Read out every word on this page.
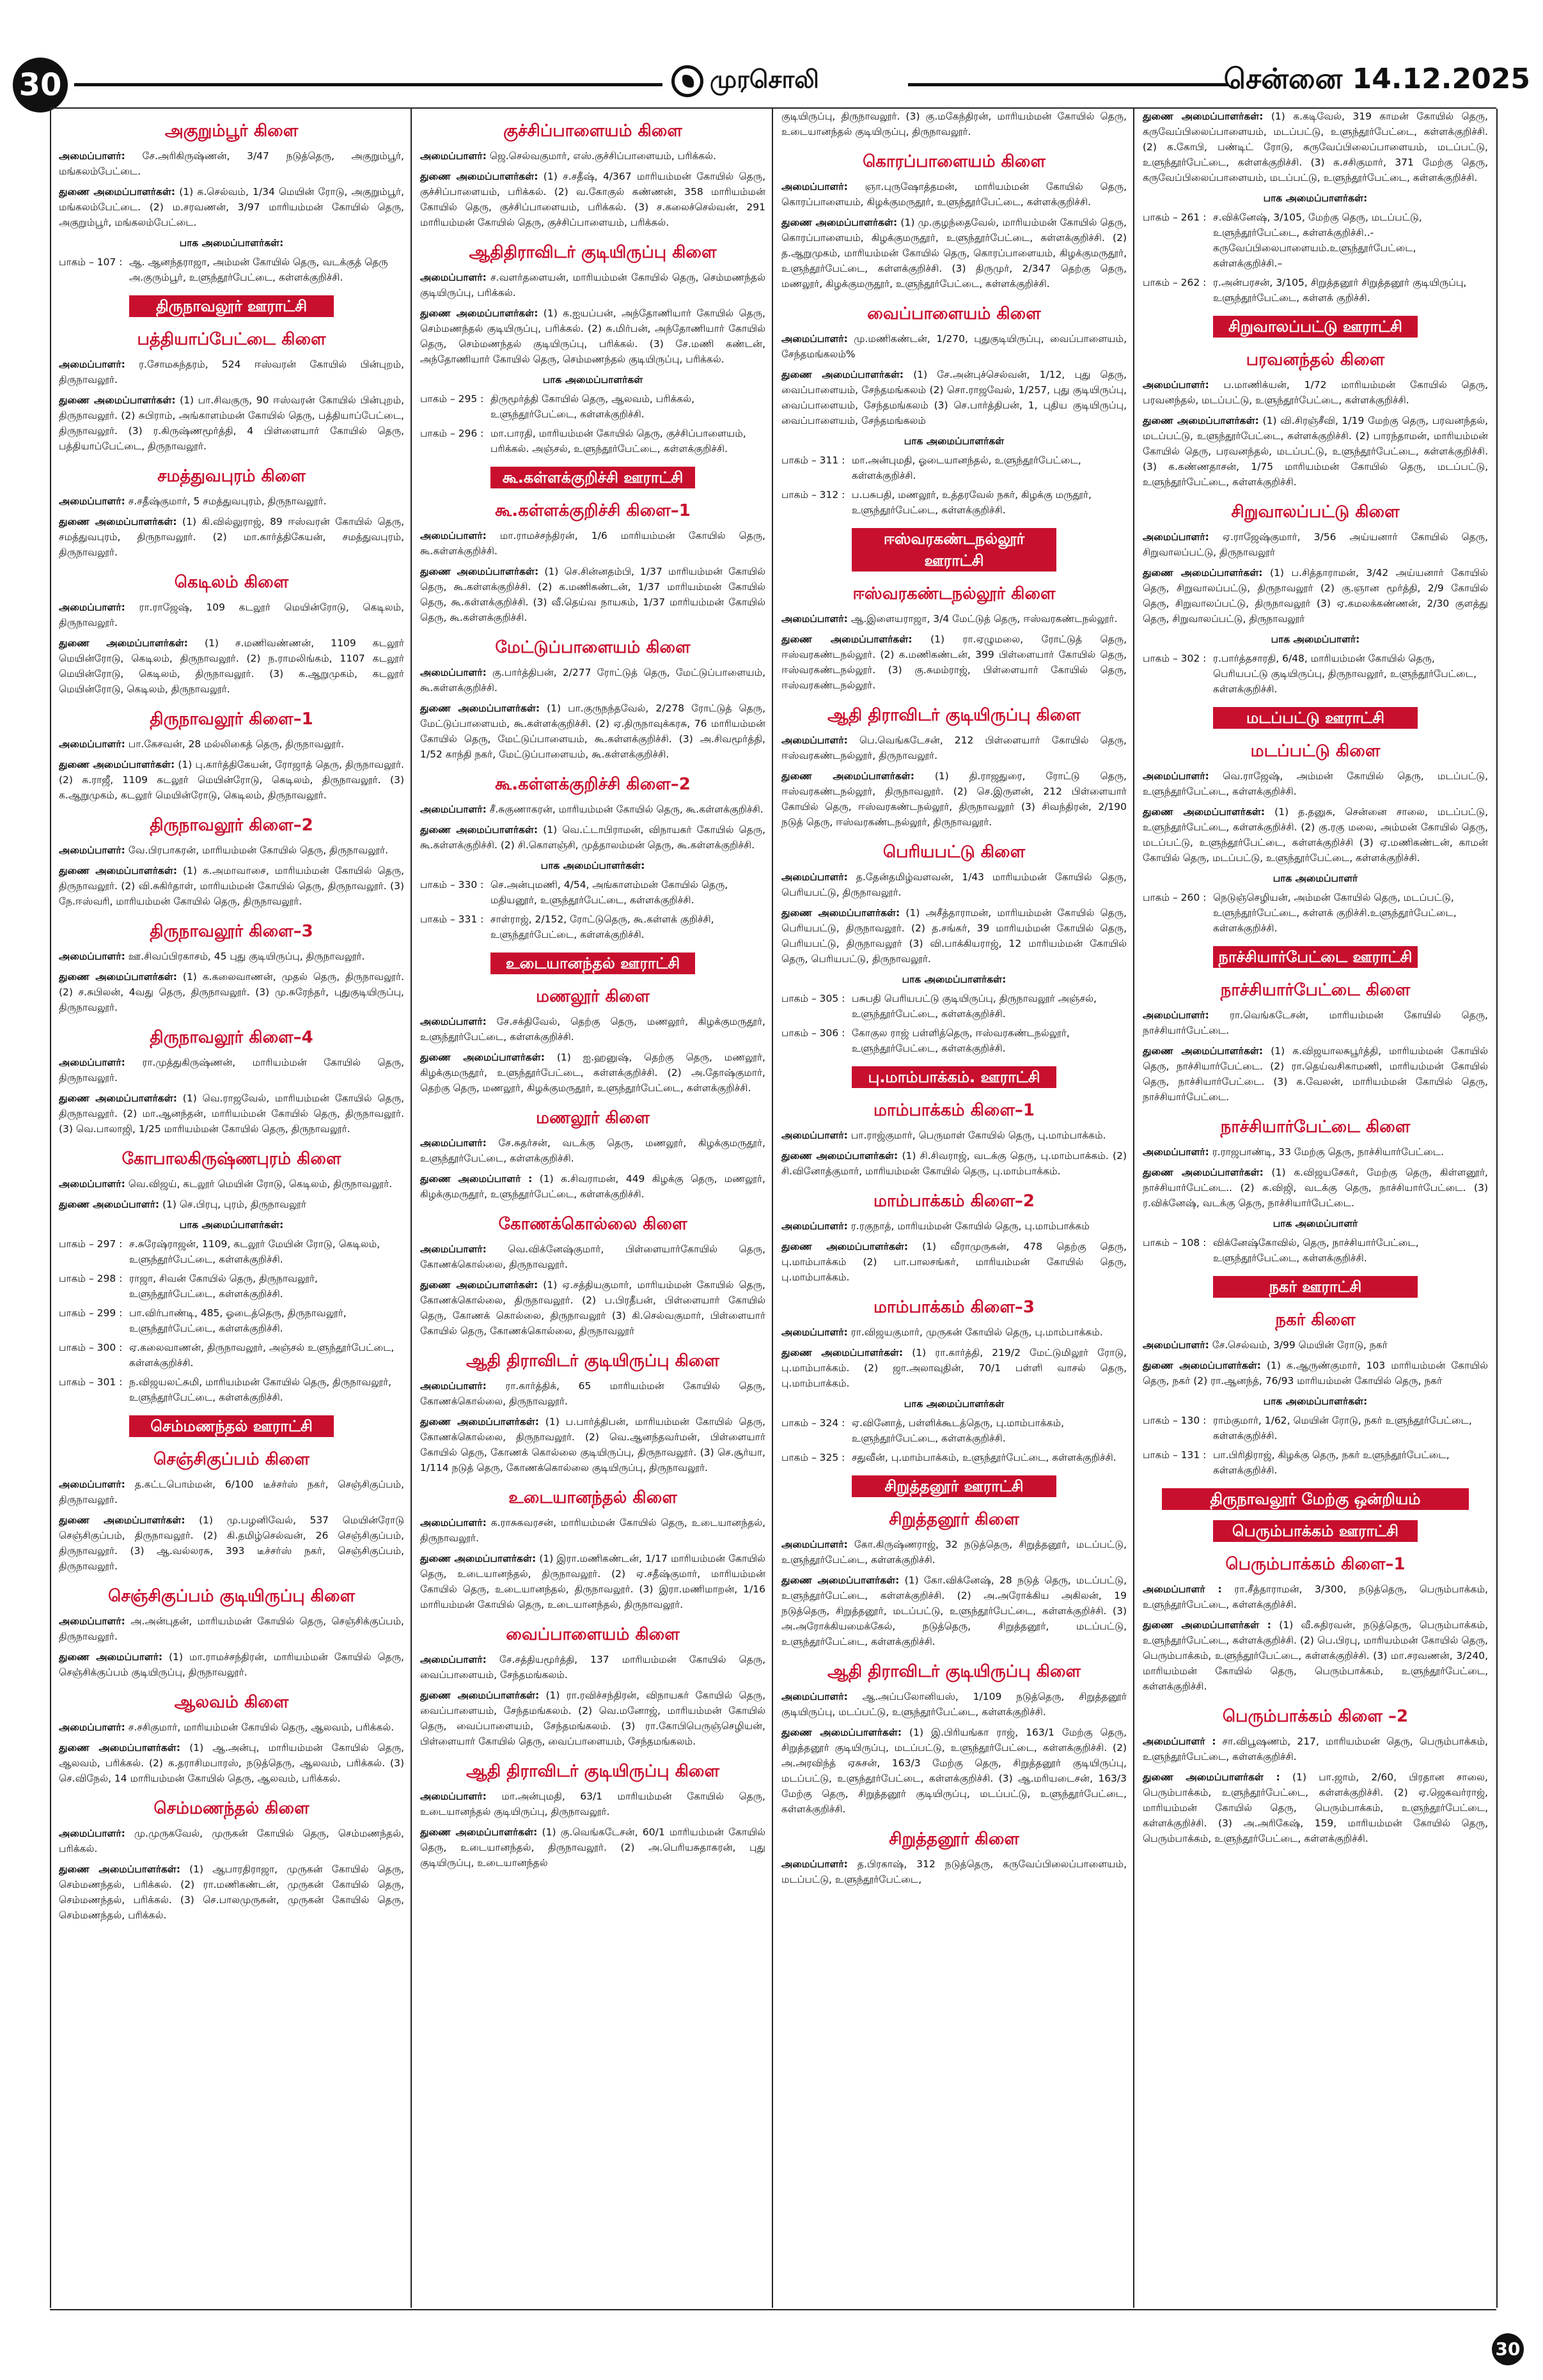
30	முரசொலி	சென்னை 14.12.2025
அகுறும்பூர் கிளை
அமைப்பாளர்: சே.அரிகிருஷ்ணன், 3/47 நடுத்தெரு, அகுறும்பூர், மங்கலம்பேட்டை.
துணை அமைப்பாளர்கள்: (1) க.செல்வம், 1/34 மெயின் ரோடு, அகுறும்பூர், மங்கலம்பேட்டை. (2) ம.சரவணன், 3/97 மாரியம்மன் கோயில் தெரு, அகுறும்பூர், மங்கலம்பேட்டை.
பாக அமைப்பாளர்கள்:
பாகம் – 107 : ஆ. ஆனந்தராஜா, அம்மன் கோயில் தெரு, வடக்குத் தெரு அ.குரும்பூர், உளுந்தூர்பேட்டை, கள்ளக்குறிச்சி.
திருநாவலூர் ஊராட்சி
பத்தியாப்பேட்டை கிளை
அமைப்பாளர்: ர.சோமசுந்தரம், 524 ஈஸ்வரன் கோயில் பின்புறம், திருநாவலூர்.
துணை அமைப்பாளர்கள்: (1) பா.சிவகுரு, 90 ஈஸ்வரன் கோயில் பின்புறம், திருநாவலூர். (2) சுபிராம், அங்காளம்மன் கோயில் தெரு, பத்தியாப்பேட்டை, திருநாவலூர். (3) ர.கிருஷ்ணமூர்த்தி, 4 பிள்ளையார் கோயில் தெரு, பத்தியாப்பேட்டை, திருநாவலூர்.
சமத்துவபுரம் கிளை
அமைப்பாளர்: ச.சதீஷ்குமார், 5 சமத்துவபுரம், திருநாவலூர்.
துணை அமைப்பாளர்கள்: (1) கி.வில்லுராஜ், 89 ஈஸ்வரன் கோயில் தெரு, சமத்துவபுரம், திருநாவலூர். (2) மா.கார்த்திகேயன், சமத்துவபுரம், திருநாவலூர்.
கெடிலம் கிளை
அமைப்பாளர்: ரா.ராஜேஷ், 109 கடலூர் மெயின்ரோடு, கெடிலம், திருநாவலூர்.
துணை அமைப்பாளர்கள்: (1) ச.மணிவண்ணன், 1109 கடலூர் மெயின்ரோடு, கெடிலம், திருநாவலூர். (2) ந.ராமலிங்கம், 1107 கடலூர் மெயின்ரோடு, கெடிலம், திருநாவலூர். (3) க.ஆறுமுகம், கடலூர் மெயின்ரோடு, கெடிலம், திருநாவலூர்.
திருநாவலூர் கிளை–1
அமைப்பாளர்: பா.கேசவன், 28 மல்லிகைத் தெரு, திருநாவலூர்.
துணை அமைப்பாளர்கள்: (1) பு.கார்த்திகேயன், ரோஜாத் தெரு, திருநாவலூர். (2) க.ராஜீ, 1109 கடலூர் மெயின்ரோடு, கெடிலம், திருநாவலூர். (3) க.ஆறுமுகம், கடலூர் மெயின்ரோடு, கெடிலம், திருநாவலூர்.
திருநாவலூர் கிளை–2
அமைப்பாளர்: வே.பிரபாகரன், மாரியம்மன் கோயில் தெரு, திருநாவலூர்.
துணை அமைப்பாளர்கள்: (1) க.அமாவாசை, மாரியம்மன் கோயில் தெரு, திருநாவலூர். (2) வி.சுகிர்தாள், மாரியம்மன் கோயில் தெரு, திருநாவலூர். (3) நே.ஈஸ்வரி, மாரியம்மன் கோயில் தெரு, திருநாவலூர்.
திருநாவலூர் கிளை–3
அமைப்பாளர்: ஊ.சிவப்பிரகாசம், 45 புது குடியிருப்பு, திருநாவலூர்.
துணை அமைப்பாளர்கள்: (1) க.கலைவாணன், முதல் தெரு, திருநாவலூர். (2) ச.சுபிலன், 4வது தெரு, திருநாவலூர். (3) மு.சுரேந்தர், புதுகுடியிருப்பு, திருநாவலூர்.
திருநாவலூர் கிளை–4
அமைப்பாளர்: ரா.முத்துகிருஷ்ணன், மாரியம்மன் கோயில் தெரு, திருநாவலூர்.
துணை அமைப்பாளர்கள்: (1) வெ.ராஜவேல், மாரியம்மன் கோயில் தெரு, திருநாவலூர். (2) மா.ஆனந்தன், மாரியம்மன் கோயில் தெரு, திருநாவலூர். (3) வெ.பாலாஜி, 1/25 மாரியம்மன் கோயில் தெரு, திருநாவலூர்.
கோபாலகிருஷ்ணபுரம் கிளை
அமைப்பாளர்: வெ.விஜய், கடலூர் மெயின் ரோடு, கெடிலம், திருநாவலூர்.
துணை அமைப்பாளர்: (1) செ.பிரபு, புரம், திருநாவலூர்
பாக அமைப்பாளர்கள்:
பாகம் – 297 : ச.சுரேஷ்ராஜன், 1109, கடலூர் மேயின் ரோடு, கெடிலம், உளுந்தூர்பேட்டை, கள்ளக்குறிச்சி.
பாகம் – 298 : ராஜா, சிவன் கோயில் தெரு, திருநாவலூர், உளுந்தூர்பேட்டை, கள்ளக்குறிச்சி.
பாகம் – 299 : பா.விர்பாண்டி, 485, ஓடைத்தெரு, திருநாவலூர், உளுந்தூர்பேட்டை, கள்ளக்குறிச்சி.
பாகம் – 300 : ஏ.கலைவாணன், திருநாவலூர், அஞ்சல் உளுந்தூர்பேட்டை, கள்ளக்குறிச்சி.
பாகம் – 301 : ந.விஜயலட்சுமி, மாரியம்மன் கோயில் தெரு, திருநாவலூர், உளுந்தூர்பேட்டை, கள்ளக்குறிச்சி.
செம்மணந்தல் ஊராட்சி
செஞ்சிகுப்பம் கிளை
அமைப்பாளர்: த.கட்டபொம்மன், 6/100 டீச்சர்ஸ் நகர், செஞ்சிகுப்பம், திருநாவலூர்.
துணை அமைப்பாளர்கள்: (1) மு.பழனிவேல், 537 மெயின்ரோடு செஞ்சிகுப்பம், திருநாவலூர். (2) கி.தமிழ்செல்வன், 26 செஞ்சிகுப்பம், திருநாவலூர். (3) ஆ.வல்லரசு, 393 டீச்சர்ஸ் நகர், செஞ்சிகுப்பம், திருநாவலூர்.
செஞ்சிகுப்பம் குடியிருப்பு கிளை
அமைப்பாளர்: அ.அன்புதன், மாரியம்மன் கோயில் தெரு, செஞ்சிக்குப்பம், திருநாவலூர்.
துணை அமைப்பாளர்: (1) மா.ராமச்சந்திரன், மாரியம்மன் கோயில் தெரு, செஞ்சிக்குப்பம் குடியிருப்பு, திருநாவலூர்.
ஆலவம் கிளை
அமைப்பாளர்: ச.சசிகுமார், மாரியம்மன் கோயில் தெரு, ஆலவம், பரிக்கல்.
துணை அமைப்பாளர்கள்: (1) ஆ.அன்பு, மாரியம்மன் கோயில் தெரு, ஆலவம், பரிக்கல். (2) க.தராசிமபாரஸ், நடுத்தெரு, ஆலவம், பரிக்கல். (3) செ.விநேல், 14 மாரியம்மன் கோயில் தெரு, ஆலவம், பரிக்கல்.
செம்மணந்தல் கிளை
அமைப்பாளர்: மு.முருகவேல், முருகன் கோயில் தெரு, செம்மணந்தல், பரிக்கல்.
துணை அமைப்பாளர்கள்: (1) ஆபாரதிராஜா, முருகன் கோயில் தெரு, செம்மணந்தல், பரிக்கல். (2) ரா.மணிகண்டன், முருகன் கோயில் தெரு, செம்மணந்தல், பரிக்கல். (3) செ.பாலமுருகன், முருகன் கோயில் தெரு, செம்மணந்தல், பரிக்கல்.
குச்சிப்பாளையம் கிளை
அமைப்பாளர்: ஜெ.செல்வகுமார், எஸ்.குச்சிப்பாளையம், பரிக்கல்.
துணை அமைப்பாளர்கள்: (1) ச.சதீஷ், 4/367 மாரியம்மன் கோயில் தெரு, குச்சிப்பாளையம், பரிக்கல். (2) வ.கோகுல் கண்ணன், 358 மாரியம்மன் கோயில் தெரு, குச்சிப்பாளையம், பரிக்கல். (3) ச.கலைச்செல்வன், 291 மாரியம்மன் கோயில் தெரு, குச்சிப்பாளையம், பரிக்கல்.
ஆதிதிராவிடர் குடியிருப்பு கிளை
அமைப்பாளர்: ச.வளர்தளையன், மாரியம்மன் கோயில் தெரு, செம்மணந்தல் குடியிருப்பு, பரிக்கல்.
துணை அமைப்பாளர்கள்: (1) க.ஐயப்பன், அந்தோணியார் கோயில் தெரு, செம்மணந்தல் குடியிருப்பு, பரிக்கல். (2) சு.மிர்பன், அந்தோணியார் கோயில் தெரு, செம்மணந்தல் குடியிருப்பு, பரிக்கல். (3) சே.மணி கண்டன், அந்தோணியார் கோயில் தெரு, செம்மணந்தல் குடியிருப்பு, பரிக்கல்.
பாக அமைப்பாளர்கள்
பாகம் – 295 : திருமூர்த்தி கோயில் தெரு, ஆலவம், பரிக்கல், உளுந்தூர்பேட்டை, கள்ளக்குறிச்சி.
பாகம் – 296 : மா.பாரதி, மாரியம்மன் கோயில் தெரு, குச்சிப்பாளையம், பரிக்கல். அஞ்சல், உளுந்தூர்பேட்டை, கள்ளக்குறிச்சி.
கூ.கள்ளக்குறிச்சி ஊராட்சி
கூ.கள்ளக்குறிச்சி கிளை–1
அமைப்பாளர்: மா.ராமச்சந்திரன், 1/6 மாரியம்மன் கோயில் தெரு, கூ.கள்ளக்குறிச்சி.
துணை அமைப்பாளர்கள்: (1) செ.சின்னதம்பி, 1/37 மாரியம்மன் கோயில் தெரு, கூ.கள்ளக்குறிச்சி. (2) க.மணிகண்டன், 1/37 மாரியம்மன் கோயில் தெரு, கூ.கள்ளக்குறிச்சி. (3) வீ.தெய்வ நாயகம், 1/37 மாரியம்மன் கோயில் தெரு, கூ.கள்ளக்குறிச்சி.
மேட்டுப்பாளையம் கிளை
அமைப்பாளர்: கு.பார்த்திபன், 2/277 ரோட்டுத் தெரு, மேட்டுப்பாளையம், கூ.கள்ளக்குறிச்சி.
துணை அமைப்பாளர்கள்: (1) பா.குருநந்தவேல், 2/278 ரோட்டுத் தெரு, மேட்டுப்பாளையம், கூ.கள்ளக்குறிச்சி. (2) ஏ.திருநாவுக்கரசு, 76 மாரியம்மன் கோயில் தெரு, மேட்டுப்பாளையம், கூ.கள்ளக்குறிச்சி. (3) அ.சிவமூர்த்தி, 1/52 காந்தி நகர், மேட்டுப்பாளையம், கூ.கள்ளக்குறிச்சி.
கூ.கள்ளக்குறிச்சி கிளை–2
அமைப்பாளர்: சீ.சுகுணாகரன், மாரியம்மன் கோயில் தெரு, கூ.கள்ளக்குறிச்சி.
துணை அமைப்பாளர்கள்: (1) வெ.ட்டாபிராமன், விநாயகர் கோயில் தெரு, கூ.கள்ளக்குறிச்சி. (2) சி.கொளஞ்சி, முத்தாலம்மன் தெரு, கூ.கள்ளக்குறிச்சி.
பாக அமைப்பாளர்கள்:
பாகம் – 330 : செ.அன்புமணி, 4/54, அங்காளம்மன் கோயில் தெரு, மதியனூர், உளுந்தூர்பேட்டை, கள்ளக்குறிச்சி.
பாகம் – 331 : சாள்ராஜ், 2/152, ரோட்டுதெரு, கூ.கள்ளக் குறிச்சி, உளுந்தூர்பேட்டை, கள்ளக்குறிச்சி.
உடையானந்தல் ஊராட்சி
மணலூர் கிளை
அமைப்பாளர்: சே.சக்திவேல், தெற்கு தெரு, மணலூர், கிழக்குமருதூர், உளுந்தூர்பேட்டை, கள்ளக்குறிச்சி.
துணை அமைப்பாளர்கள்: (1) ஐ.ஹனுஷ், தெற்கு தெரு, மணலூர், கிழக்குமருதூர், உளுந்தூர்பேட்டை, கள்ளக்குறிச்சி. (2) அ.தோஷ்குமார், தெற்கு தெரு, மணலூர், கிழக்குமருதூர், உளுந்தூர்பேட்டை, கள்ளக்குறிச்சி.
மணலூர் கிளை
அமைப்பாளர்: சே.சுதர்சன், வடக்கு தெரு, மணலூர், கிழக்குமருதூர், உளுந்தூர்பேட்டை, கள்ளக்குறிச்சி.
துணை அமைப்பாளர் : (1) க.சிவராமன், 449 கிழக்கு தெரு, மணலூர், கிழக்குமருதூர், உளுந்தூர்பேட்டை, கள்ளக்குறிச்சி.
கோணக்கொல்லை கிளை
அமைப்பாளர்: வெ.விக்னேஷ்குமார், பிள்ளையார்கோயில் தெரு, கோணக்கொல்லை, திருநாவலூர்.
துணை அமைப்பாளர்கள்: (1) ஏ.சத்தியகுமார், மாரியம்மன் கோயில் தெரு, கோணக்கொல்லை, திருநாவலூர். (2) ப.பிரதீபன், பிள்ளையார் கோயில் தெரு, கோணக் கொல்லை, திருநாவலூர் (3) கி.செல்வகுமார், பிள்ளையார் கோயில் தெரு, கோணக்கொல்லை, திருநாவலூர்
ஆதி திராவிடர் குடியிருப்பு கிளை
அமைப்பாளர்: ரா.கார்த்திக், 65 மாரியம்மன் கோயில் தெரு, கோணக்கொல்லை, திருநாவலூர்.
துணை அமைப்பாளர்கள்: (1) ப.பார்த்திபன், மாரியம்மன் கோயில் தெரு, கோணக்கொல்லை, திருநாவலூர். (2) வெ.ஆனந்தவர்மன், பிள்ளையார் கோயில் தெரு, கோணக் கொல்லை குடியிருப்பு, திருநாவலூர். (3) செ.சூர்யா, 1/114 நடுத் தெரு, கோணக்கொல்லை குடியிருப்பு, திருநாவலூர்.
உடையானந்தல் கிளை
அமைப்பாளர்: க.ராசுகவரசன், மாரியம்மன் கோயில் தெரு, உடையானந்தல், திருநாவலூர்.
துணை அமைப்பாளர்கள்: (1) இரா.மணிகண்டன், 1/17 மாரியம்மன் கோயில் தெரு, உடையானந்தல், திருநாவலூர். (2) ஏ.சதீஷ்குமார், மாரியம்மன் கோயில் தெரு, உடையானந்தல், திருநாவலூர். (3) இரா.மணிமாறன், 1/16 மாரியம்மன் கோயில் தெரு, உடையானந்தல், திருநாவலூர்.
வைப்பாளையம் கிளை
அமைப்பாளர்: சே.சத்தியமூர்த்தி, 137 மாரியம்மன் கோயில் தெரு, வைப்பாளையம், சேந்தமங்கலம்.
துணை அமைப்பாளர்கள்: (1) ரா.ரவிச்சந்திரன், விநாயகர் கோயில் தெரு, வைப்பாளையம், சேந்தமங்கலம். (2) வெ.மனோஜ், மாரியம்மன் கோயில் தெரு, வைப்பாளையம், சேந்தமங்கலம். (3) ரா.கோபிபெருஞ்செழியன், பிள்ளையார் கோயில் தெரு, வைப்பாளையம், சேந்தமங்கலம்.
ஆதி திராவிடர் குடியிருப்பு கிளை
அமைப்பாளர்: மா.அன்புமதி, 63/1 மாரியம்மன் கோயில் தெரு, உடையானந்தல் குடியிருப்பு, திருநாவலூர்.
துணை அமைப்பாளர்கள்: (1) கு.வெங்கடேசன், 60/1 மாரியம்மன் கோயில் தெரு, உடையானந்தல், திருநாவலூர். (2) அ.பெரியசுதாகரன், புது குடியிருப்பு, உடையானந்தல்
குடியிருப்பு, திருநாவலூர். (3) கு.மகேந்திரன், மாரியம்மன் கோயில் தெரு, உடையானந்தல் குடியிருப்பு, திருநாவலூர்.
கொரப்பாளையம் கிளை
அமைப்பாளர்: ஞா.புருஷோத்தமன், மாரியம்மன் கோயில் தெரு, கொரப்பாளையம், கிழக்குமருதூர், உளுந்தூர்பேட்டை, கள்ளக்குறிச்சி.
துணை அமைப்பாளர்கள்: (1) மு.குழந்தைவேல், மாரியம்மன் கோயில் தெரு, கொரப்பாளையம், கிழக்குமருதூர், உளுந்தூர்பேட்டை, கள்ளக்குறிச்சி. (2) த.ஆறுமுகம், மாரியம்மன் கோயில் தெரு, கொரப்பாளையம், கிழக்குமருதூர், உளுந்தூர்பேட்டை, கள்ளக்குறிச்சி. (3) திருமுர், 2/347 தெற்கு தெரு, மணலூர், கிழக்குமருதூர், உளுந்தூர்பேட்டை, கள்ளக்குறிச்சி.
வைப்பாளையம் கிளை
அமைப்பாளர்: மு.மணிகண்டன், 1/270, புதுகுடியிருப்பு, வைப்பாளையம், சேந்தமங்கலம்%
துணை அமைப்பாளர்கள்: (1) சே.அன்புச்செல்வன், 1/12, புது தெரு, வைப்பாளையம், சேந்தமங்கலம் (2) சொ.ராஜவேல், 1/257, புது குடியிருப்பு, வைப்பாளையம், சேந்தமங்கலம் (3) செ.பார்த்திபன், 1, புதிய குடியிருப்பு, வைப்பாளையம், சேந்தமங்கலம்
பாக அமைப்பாளர்கள்
பாகம் – 311 : மா.அன்புமதி, ஓடையானந்தல், உளுந்தூர்பேட்டை, கள்ளக்குறிச்சி.
பாகம் – 312 : ப.பசுபதி, மணலூர், உத்தரவேல் நகர், கிழக்கு மருதூர், உளுந்தூர்பேட்டை, கள்ளக்குறிச்சி.
ஈஸ்வரகண்டநல்லூர் ஊராட்சி
ஈஸ்வரகண்டநல்லூர் கிளை
அமைப்பாளர்: ஆ.இளையராஜா, 3/4 மேட்டுத் தெரு, ஈஸ்வரகண்டநல்லூர்.
துணை அமைப்பாளர்கள்: (1) ரா.ஏழுமலை, ரோட்டுத் தெரு, ஈஸ்வரகண்டநல்லூர். (2) க.மணிகண்டன், 399 பிள்ளையார் கோயில் தெரு, ஈஸ்வரகண்டநல்லூர். (3) கு.சுமம்ராஜ், பிள்ளையார் கோயில் தெரு, ஈஸ்வரகண்டநல்லூர்.
ஆதி திராவிடர் குடியிருப்பு கிளை
அமைப்பாளர்: பெ.வெங்கடேசன், 212 பிள்ளையார் கோயில் தெரு, ஈஸ்வரகண்டநல்லூர், திருநாவலூர்.
துணை அமைப்பாளர்கள்: (1) தி.ராஜதுரை, ரோட்டு தெரு, ஈஸ்வரகண்டநல்லூர், திருநாவலூர். (2) செ.இருளன், 212 பிள்ளையார் கோயில் தெரு, ஈஸ்வரகண்டநல்லூர், திருநாவலூர் (3) சிவந்திரன், 2/190 நடுத் தெரு, ஈஸ்வரகண்டநல்லூர், திருநாவலூர்.
பெரியபட்டு கிளை
அமைப்பாளர்: த.தேன்தமிழ்வளவன், 1/43 மாரியம்மன் கோயில் தெரு, பெரியபட்டு, திருநாவலூர்.
துணை அமைப்பாளர்கள்: (1) அசீத்தாராமன், மாரியம்மன் கோயில் தெரு, பெரியபட்டு, திருநாவலூர். (2) த.சங்கர், 39 மாரியம்மன் கோயில் தெரு, பெரியபட்டு, திருநாவலூர் (3) வி.பாக்கியராஜ், 12 மாரியம்மன் கோயில் தெரு, பெரியபட்டு, திருநாவலூர்.
பாக அமைப்பாளர்கள்:
பாகம் – 305 : பசுபதி பெரியபட்டு குடியிருப்பு, திருநாவலூர் அஞ்சல், உளுந்தூர்பேட்டை, கள்ளக்குறிச்சி.
பாகம் – 306 : கோகுல ராஜ் பள்ளித்தெரு, ஈஸ்வரகண்டநல்லூர், உளுந்தூர்பேட்டை, கள்ளக்குறிச்சி.
பு.மாம்பாக்கம். ஊராட்சி
மாம்பாக்கம் கிளை–1
அமைப்பாளர்: பா.ராஜ்குமார், பெருமாள் கோயில் தெரு, பு.மாம்பாக்கம்.
துணை அமைப்பாளர்கள்: (1) சி.சிவராஜ், வடக்கு தெரு, பு.மாம்பாக்கம். (2) சி.வினோத்குமார், மாரியம்மன் கோயில் தெரு, பு.மாம்பாக்கம்.
மாம்பாக்கம் கிளை–2
அமைப்பாளர்: ர.ரகுநாத், மாரியம்மன் கோயில் தெரு, பு.மாம்பாக்கம்
துணை அமைப்பாளர்கள்: (1) வீராமுருகன், 478 தெற்கு தெரு, பு.மாம்பாக்கம் (2) பா.பாலசங்கர், மாரியம்மன் கோயில் தெரு, பு.மாம்பாக்கம்.
மாம்பாக்கம் கிளை–3
அமைப்பாளர்: ரா.விஜயகுமார், முருகன் கோயில் தெரு, பு.மாம்பாக்கம்.
துணை அமைப்பாளர்கள்: (1) ரா.கார்த்தி, 219/2 மேட்டுமிலூர் ரோடு, பு.மாம்பாக்கம். (2) ஜா.அலாவுதின், 70/1 பள்ளி வாசல் தெரு, பு.மாம்பாக்கம்.
பாக அமைப்பாளர்கள்
பாகம் – 324 : ஏ.வினோத், பள்ளிக்கூடத்தெரு, பு.மாம்பாக்கம், உளுந்தூர்பேட்டை, கள்ளக்குறிச்சி.
பாகம் – 325 : சதுவீன், பு.மாம்பாக்கம், உளுந்தூர்பேட்டை, கள்ளக்குறிச்சி.
சிறுத்தனூர் ஊராட்சி
சிறுத்தனூர் கிளை
அமைப்பாளர்: கோ.கிருஷ்ணராஜ், 32 நடுத்தெரு, சிறுத்தனூர், மடப்பட்டு, உளுந்தூர்பேட்டை, கள்ளக்குறிச்சி.
துணை அமைப்பாளர்கள்: (1) கோ.விக்னேஷ், 28 நடுத் தெரு, மடப்பட்டு, உளுந்தூர்பேட்டை, கள்ளக்குறிச்சி. (2) அ.அரோக்கிய அகிலன், 19 நடுத்தெரு, சிறுத்தனூர், மடப்பட்டு, உளுந்தூர்பேட்டை, கள்ளக்குறிச்சி. (3) அ.அரோக்கியமைக்கேல், நடுத்தெரு, சிறுத்தனூர், மடப்பட்டு, உளுந்தூர்பேட்டை, கள்ளக்குறிச்சி.
ஆதி திராவிடர் குடியிருப்பு கிளை
அமைப்பாளர்: ஆ.அப்பலோனியஸ், 1/109 நடுத்தெரு, சிறுத்தனூர் குடியிருப்பு, மடப்பட்டு, உளுந்தூர்பேட்டை, கள்ளக்குறிச்சி.
துணை அமைப்பாளர்கள்: (1) இ.பிரியங்கா ராஜ், 163/1 மேற்கு தெரு, சிறுத்தனூர் குடியிருப்பு, மடப்பட்டு, உளுந்தூர்பேட்டை, கள்ளக்குறிச்சி. (2) அ.அரவிந்த் ஏசுசன், 163/3 மேற்கு தெரு, சிறுத்தனூர் குடியிருப்பு, மடப்பட்டு, உளுந்தூர்பேட்டை, கள்ளக்குறிச்சி. (3) ஆ.மரியடைசன், 163/3 மேற்கு தெரு, சிறுத்தனூர் குடியிருப்பு, மடப்பட்டு, உளுந்தூர்பேட்டை, கள்ளக்குறிச்சி.
சிறுத்தனூர் கிளை
அமைப்பாளர்: த.பிரகாஷ், 312 நடுத்தெரு, கருவேப்பிலைப்பாளையம், மடப்பட்டு, உளுந்தூர்பேட்டை,
துணை அமைப்பாளர்கள்: (1) க.கடிவேல், 319 காமன் கோயில் தெரு, கருவேப்பிலைப்பாளையம், மடப்பட்டு, உளுந்தூர்பேட்டை, கள்ளக்குறிச்சி. (2) க.கோபி, பண்டிட் ரோடு, கருவேப்பிலைப்பாளையம், மடப்பட்டு, உளுந்தூர்பேட்டை, கள்ளக்குறிச்சி. (3) க.சசிகுமார், 371 மேற்கு தெரு, கருவேப்பிலைப்பாளையம், மடப்பட்டு, உளுந்தூர்பேட்டை, கள்ளக்குறிச்சி.
பாக அமைப்பாளர்கள்:
பாகம் – 261 : ச.விக்னேஷ், 3/105, மேற்கு தெரு, மடப்பட்டு, உளுந்தூர்பேட்டை, கள்ளக்குறிச்சி..- கருவேப்பிலைபாளையம்.உளுந்தூர்பேட்டை, கள்ளக்குறிச்சி.–
பாகம் – 262 : ர.அன்பரசன், 3/105, சிறுத்தனூர் சிறுத்தனூர் குடியிருப்பு, உளுந்தூர்பேட்டை, கள்ளக் குறிச்சி.
சிறுவாலப்பட்டு ஊராட்சி
பரவனந்தல் கிளை
அமைப்பாளர்: ப.மாணிக்யன், 1/72 மாரியம்மன் கோயில் தெரு, பரவனந்தல், மடப்பட்டு, உளுந்தூர்பேட்டை, கள்ளக்குறிச்சி.
துணை அமைப்பாளர்கள்: (1) வி.சிரஞ்சீவி, 1/19 மேற்கு தெரு, பரவனந்தல், மடப்பட்டு, உளுந்தூர்பேட்டை, கள்ளக்குறிச்சி. (2) பாரந்தாமன், மாரியம்மன் கோயில் தெரு, பரவனந்தல், மடப்பட்டு, உளுந்தூர்பேட்டை, கள்ளக்குறிச்சி. (3) க.கண்ணதாசன், 1/75 மாரியம்மன் கோயில் தெரு, மடப்பட்டு, உளுந்தூர்பேட்டை, கள்ளக்குறிச்சி.
சிறுவாலப்பட்டு கிளை
அமைப்பாளர்: ஏ.ராஜேஷ்குமார், 3/56 அய்யனார் கோயில் தெரு, சிறுவாலப்பட்டு, திருநாவலூர்
துணை அமைப்பாளர்கள்: (1) ப.சித்தாராமன், 3/42 அய்யனார் கோயில் தெரு, சிறுவாலப்பட்டு, திருநாவலூர் (2) கு.ஞான மூர்த்தி, 2/9 கோயில் தெரு, சிறுவாலப்பட்டு, திருநாவலூர் (3) ஏ.கமலக்கண்ணன், 2/30 குளத்து தெரு, சிறுவாலப்பட்டு, திருநாவலூர்
பாக அமைப்பாளர்:
பாகம் – 302 : ர.பார்த்தசாரதி, 6/48, மாரியம்மன் கோயில் தெரு, பெரியபட்டு குடியிருப்பு, திருநாவலூர், உளுந்தூர்பேட்டை, கள்ளக்குறிச்சி.
மடப்பட்டு ஊராட்சி
மடப்பட்டு கிளை
அமைப்பாளர்: வெ.ராஜேஷ், அம்மன் கோயில் தெரு, மடப்பட்டு, உளுந்தூர்பேட்டை, கள்ளக்குறிச்சி.
துணை அமைப்பாளர்கள்: (1) த.தனுசு, சென்னை சாலை, மடப்பட்டு, உளுந்தூர்பேட்டை, கள்ளக்குறிச்சி. (2) கு.ரகு மலை, அம்மன் கோயில் தெரு, மடப்பட்டு, உளுந்தூர்பேட்டை, கள்ளக்குறிச்சி (3) ஏ.மணிகண்டன், காமன் கோயில் தெரு, மடப்பட்டு, உளுந்தூர்பேட்டை, கள்ளக்குறிச்சி.
பாக அமைப்பாளர்
பாகம் – 260 : நெடுஞ்செழியன், அம்மன் கோயில் தெரு, மடப்பட்டு, உளுந்தூர்பேட்டை, கள்ளக் குறிச்சி.உளுந்தூர்பேட்டை, கள்ளக்குறிச்சி.
நாச்சியார்பேட்டை ஊராட்சி
நாச்சியார்பேட்டை கிளை
அமைப்பாளர்: ரா.வெங்கடேசன், மாரியம்மன் கோயில் தெரு, நாச்சியார்பேட்டை.
துணை அமைப்பாளர்கள்: (1) க.விஜயாலசுபூர்த்தி, மாரியம்மன் கோயில் தெரு, நாச்சியார்பேட்டை. (2) ரா.தெய்வசிகாமணி, மாரியம்மன் கோயில் தெரு, நாச்சியார்பேட்டை. (3) க.வேலன், மாரியம்மன் கோயில் தெரு, நாச்சியார்பேட்டை.
நாச்சியார்பேட்டை கிளை
அமைப்பாளர்: ர.ராஜபாண்டி, 33 மேற்கு தெரு, நாச்சியார்பேட்டை.
துணை அமைப்பாளர்கள்: (1) க.விஜயசேகர், மேற்கு தெரு, கிள்ளனூர், நாச்சியார்பேட்டை.. (2) க.விஜி, வடக்கு தெரு, நாச்சியார்பேட்டை. (3) ர.விக்னேஷ், வடக்கு தெரு, நாச்சியார்பேட்டை.
பாக அமைப்பாளர்
பாகம் – 108 : விக்னேஷ்கோவில், தெரு, நாச்சியார்பேட்டை, உளுந்தூர்பேட்டை, கள்ளக்குறிச்சி.
நகர் ஊராட்சி
நகர் கிளை
அமைப்பாளர்: சே.செல்வம், 3/99 மெயின் ரோடு, நகர்
துணை அமைப்பாளர்கள்: (1) க.ஆருண்குமார், 103 மாரியம்மன் கோயில் தெரு, நகர் (2) ரா.ஆனந்த், 76/93 மாரியம்மன் கோயில் தெரு, நகர்
பாக அமைப்பாளர்கள்:
பாகம் – 130 : ராம்குமார், 1/62, மெயின் ரோடு, நகர் உளுந்தூர்பேட்டை, கள்ளக்குறிச்சி.
பாகம் – 131 : பா.பிரிதிராஜ், கிழக்கு தெரு, நகர் உளுந்தூர்பேட்டை, கள்ளக்குறிச்சி.
திருநாவலூர் மேற்கு ஒன்றியம்
பெரும்பாக்கம் ஊராட்சி
பெரும்பாக்கம் கிளை–1
அமைப்பாளர் : ரா.சீத்தாராமன், 3/300, நடுத்தெரு, பெரும்பாக்கம், உளுந்தூர்பேட்டை, கள்ளக்குறிச்சி.
துணை அமைப்பாளர்கள் : (1) வீ.சுதிரவன், நடுத்தெரு, பெரும்பாக்கம், உளுந்தூர்பேட்டை, கள்ளக்குறிச்சி. (2) பெ.பிரபு, மாரியம்மன் கோயில் தெரு, பெரும்பாக்கம், உளுந்தூர்பேட்டை, கள்ளக்குறிச்சி. (3) மா.சரவணன், 3/240, மாரியம்மன் கோயில் தெரு, பெரும்பாக்கம், உளுந்தூர்பேட்டை, கள்ளக்குறிச்சி.
பெரும்பாக்கம் கிளை –2
அமைப்பாளர் : சா.விபூஷணம், 217, மாரியம்மன் தெரு, பெரும்பாக்கம், உளுந்தூர்பேட்டை, கள்ளக்குறிச்சி.
துணை அமைப்பாளர்கள் : (1) பா.ஜாம், 2/60, பிரதான சாலை, பெரும்பாக்கம், உளுந்தூர்பேட்டை, கள்ளக்குறிச்சி. (2) ஏ.ஜெகவர்ராஜ், மாரியம்மன் கோயில் தெரு, பெரும்பாக்கம், உளுந்தூர்பேட்டை, கள்ளக்குறிச்சி. (3) அ.அரிகேஷ், 159, மாரியம்மன் கோயில் தெரு, பெரும்பாக்கம், உளுந்தூர்பேட்டை, கள்ளக்குறிச்சி.
30
